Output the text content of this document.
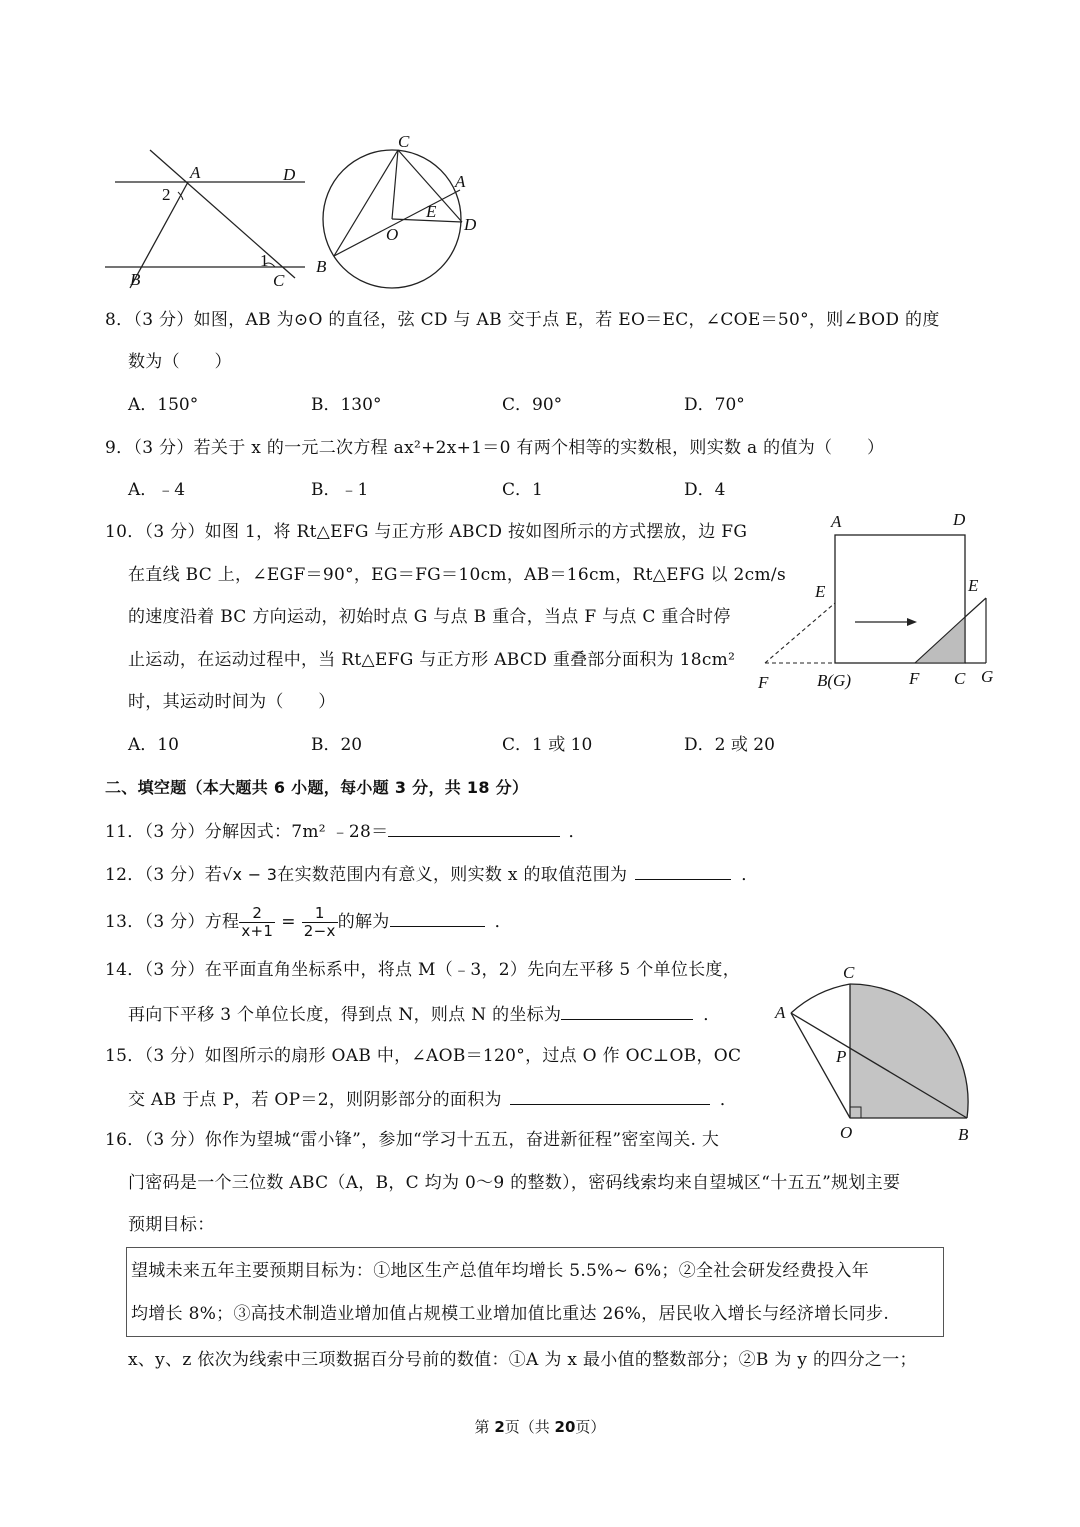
A	D
2
1
B	C
C
A
E
O
D
B
8．（3 分）如图，AB 为⊙O 的直径，弦 CD 与 AB 交于点 E，若 EO＝EC，∠COE＝50°，则∠BOD 的度
数为（　　）
A．150°	B．130°	C．90°	D．70°
9．（3 分）若关于 x 的一元二次方程 ax²+2x+1＝0 有两个相等的实数根，则实数 a 的值为（　　）
A．﹣4	B．﹣1	C．1	D．4
10．（3 分）如图 1，将 Rt△EFG 与正方形 ABCD 按如图所示的方式摆放，边 FG
在直线 BC 上，∠EGF＝90°，EG＝FG＝10cm，AB＝16cm，Rt△EFG 以 2cm/s
的速度沿着 BC 方向运动，初始时点 G 与点 B 重合，当点 F 与点 C 重合时停
止运动，在运动过程中，当 Rt△EFG 与正方形 ABCD 重叠部分面积为 18cm²
时，其运动时间为（　　）
A．10	B．20	C．1 或 10	D．2 或 20
A	D
E	E
F	B(G)	F C G
二、填空题（本大题共 6 小题，每小题 3 分，共 18 分）
11．（3 分）分解因式：7m² ﹣28＝	．
12．（3 分）若√x − 3在实数范围内有意义，则实数 x 的取值范围为	．
13．（3 分）方程 $\frac{2}{x+1} = \frac{1}{2-x}$ 的解为	．
14．（3 分）在平面直角坐标系中，将点 M（﹣3，2）先向左平移 5 个单位长度，
再向下平移 3 个单位长度，得到点 N，则点 N 的坐标为	．
15．（3 分）如图所示的扇形 OAB 中，∠AOB＝120°，过点 O 作 OC⊥OB，OC
交 AB 于点 P，若 OP＝2，则阴影部分的面积为	．
C
A
P
O	B
16．（3 分）你作为望城“雷小锋”，参加“学习十五五，奋进新征程”密室闯关. 大
门密码是一个三位数 ABC（A，B，C 均为 0～9 的整数），密码线索均来自望城区“十五五”规划主要
预期目标：
望城未来五年主要预期目标为：①地区生产总值年均增长 5.5%~ 6%；②全社会研发经费投入年
均增长 8%；③高技术制造业增加值占规模工业增加值比重达 26%，居民收入增长与经济增长同步.
x、y、z 依次为线索中三项数据百分号前的数值：①A 为 x 最小值的整数部分；②B 为 y 的四分之一；
第 2页（共 20页）
